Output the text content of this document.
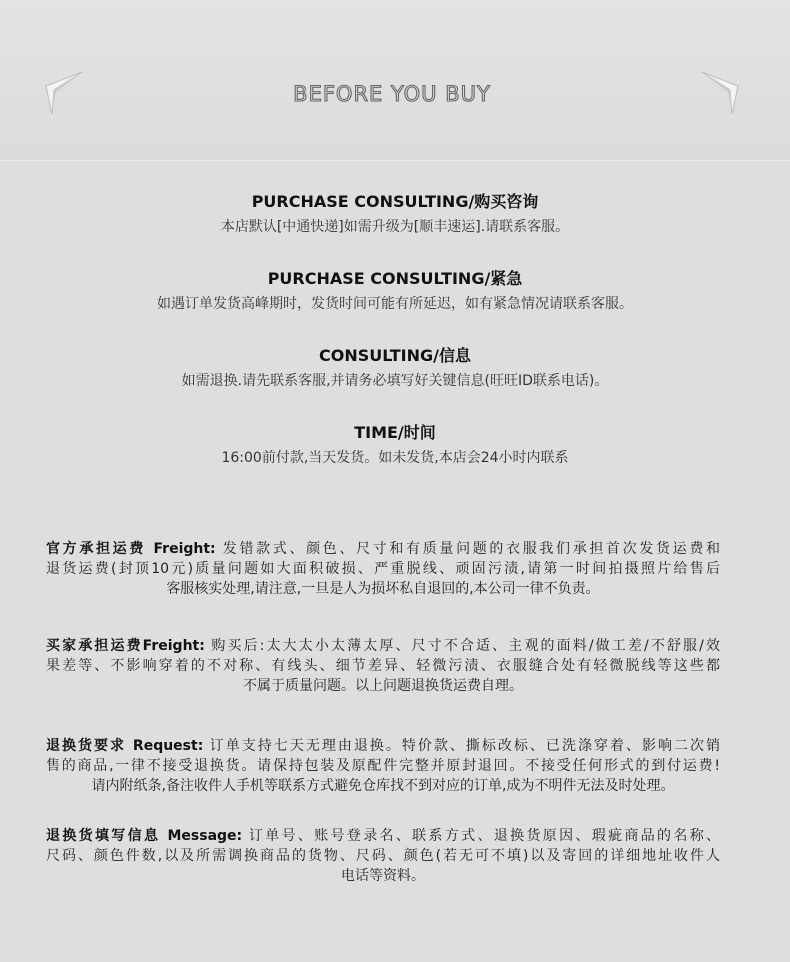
BEFORE YOU BUY
PURCHASE CONSULTING/购买咨询
本店默认[中通快递]如需升级为[顺丰速运].请联系客服。
PURCHASE CONSULTING/紧急
如遇订单发货高峰期时，发货时间可能有所延迟，如有紧急情况请联系客服。
CONSULTING/信息
如需退换.请先联系客服,并请务必填写好关键信息(旺旺ID联系电话)。
TIME/时间
16:00前付款,当天发货。如未发货,本店会24小时内联系
官方承担运费 Freight: 发错款式、颜色、尺寸和有质量问题的衣服我们承担首次发货运费和
退货运费(封顶10元)质量问题如大面积破损、严重脱线、顽固污渍,请第一时间拍摄照片给售后
客服核实处理,请注意,一旦是人为损坏私自退回的,本公司一律不负责。
买家承担运费Freight: 购买后:太大太小太薄太厚、尺寸不合适、主观的面料/做工差/不舒服/效
果差等、不影响穿着的不对称、有线头、细节差异、轻微污渍、衣服缝合处有轻微脱线等这些都
不属于质量问题。以上问题退换货运费自理。
退换货要求 Request: 订单支持七天无理由退换。特价款、撕标改标、已洗涤穿着、影响二次销
售的商品,一律不接受退换货。请保持包装及原配件完整并原封退回。不接受任何形式的到付运费!
请内附纸条,备注收件人手机等联系方式避免仓库找不到对应的订单,成为不明件无法及时处理。
退换货填写信息 Message: 订单号、账号登录名、联系方式、退换货原因、瑕疵商品的名称、
尺码、颜色件数,以及所需调换商品的货物、尺码、颜色(若无可不填)以及寄回的详细地址收件人
电话等资料。
